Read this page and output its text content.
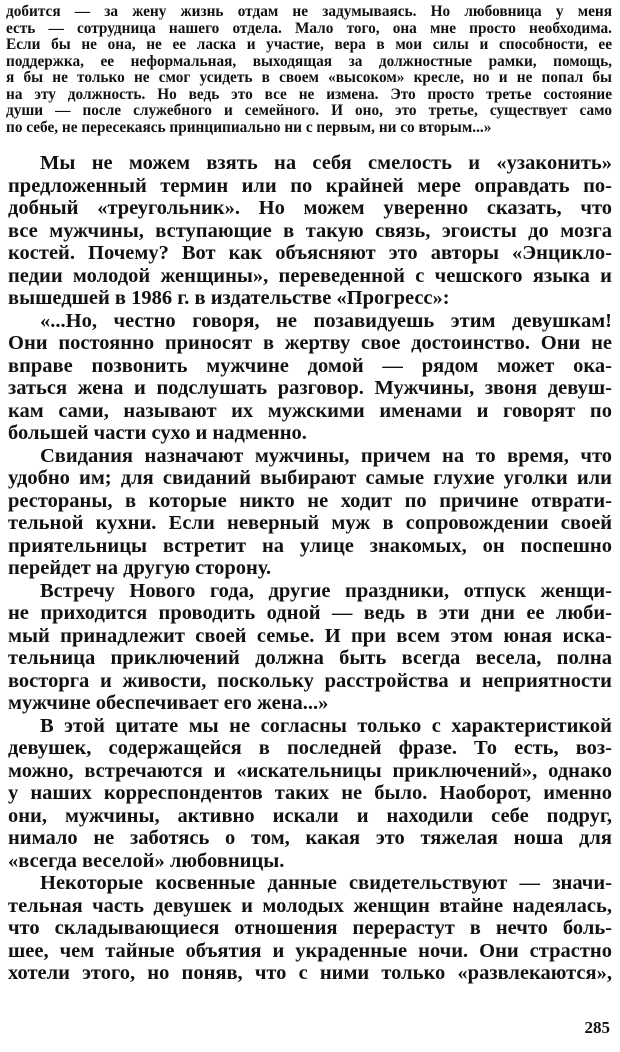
добится — за жену жизнь отдам не задумываясь. Но любовница у меня
есть — сотрудница нашего отдела. Мало того, она мне просто необходима.
Если бы не она, не ее ласка и участие, вера в мои силы и способности, ее
поддержка, ее неформальная, выходящая за должностные рамки, помощь,
я бы не только не смог усидеть в своем «высоком» кресле, но и не попал бы
на эту должность. Но ведь это все не измена. Это просто третье состояние
души — после служебного и семейного. И оно, это третье, существует само
по себе, не пересекаясь принципиально ни с первым, ни со вторым...»
Мы не можем взять на себя смелость и «узаконить»
предложенный термин или по крайней мере оправдать по-
добный «треугольник». Но можем уверенно сказать, что
все мужчины, вступающие в такую связь, эгоисты до мозга
костей. Почему? Вот как объясняют это авторы «Энцикло-
педии молодой женщины», переведенной с чешского языка и
вышедшей в 1986 г. в издательстве «Прогресс»:
«...Но, честно говоря, не позавидуешь этим девушкам!
Они постоянно приносят в жертву свое достоинство. Они не
вправе позвонить мужчине домой — рядом может ока-
заться жена и подслушать разговор. Мужчины, звоня девуш-
кам сами, называют их мужскими именами и говорят по
большей части сухо и надменно.
Свидания назначают мужчины, причем на то время, что
удобно им; для свиданий выбирают самые глухие уголки или
рестораны, в которые никто не ходит по причине отврати-
тельной кухни. Если неверный муж в сопровождении своей
приятельницы встретит на улице знакомых, он поспешно
перейдет на другую сторону.
Встречу Нового года, другие праздники, отпуск женщи-
не приходится проводить одной — ведь в эти дни ее люби-
мый принадлежит своей семье. И при всем этом юная иска-
тельница приключений должна быть всегда весела, полна
восторга и живости, поскольку расстройства и неприятности
мужчине обеспечивает его жена...»
В этой цитате мы не согласны только с характеристикой
девушек, содержащейся в последней фразе. То есть, воз-
можно, встречаются и «искательницы приключений», однако
у наших корреспондентов таких не было. Наоборот, именно
они, мужчины, активно искали и находили себе подруг,
нимало не заботясь о том, какая это тяжелая ноша для
«всегда веселой» любовницы.
Некоторые косвенные данные свидетельствуют — значи-
тельная часть девушек и молодых женщин втайне надеялась,
что складывающиеся отношения перерастут в нечто боль-
шее, чем тайные объятия и украденные ночи. Они страстно
хотели этого, но поняв, что с ними только «развлекаются»,
285
